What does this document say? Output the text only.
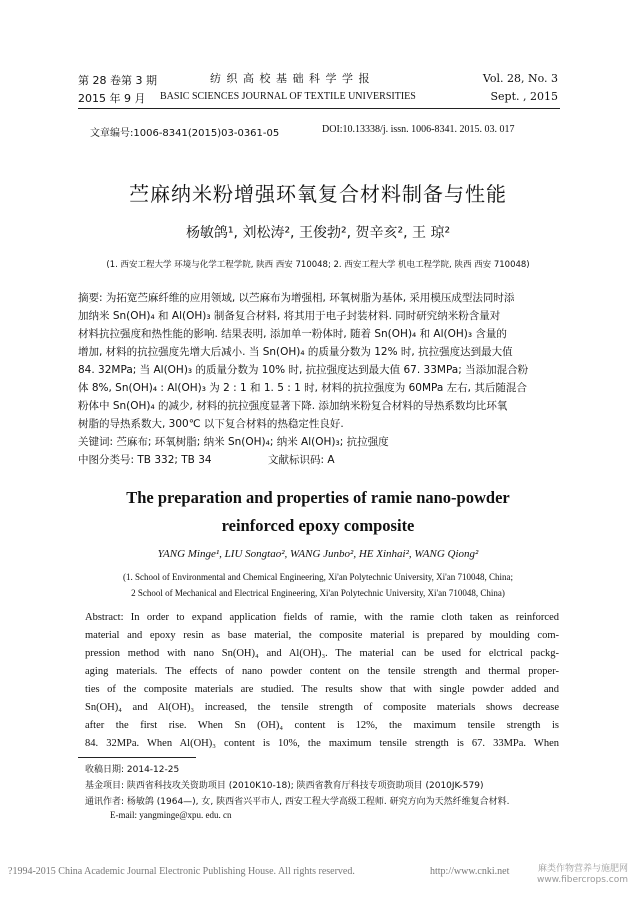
第 28 卷第 3 期
2015 年 9 月
纺 织 高 校 基 础 科 学 学 报
BASIC SCIENCES JOURNAL OF TEXTILE UNIVERSITIES
Vol. 28, No. 3
Sept. , 2015
文章编号:1006-8341(2015)03-0361-05	DOI:10.13338/j. issn. 1006-8341. 2015. 03. 017
苎麻纳米粉增强环氧复合材料制备与性能
杨敏鸽¹, 刘松涛², 王俊勃², 贺辛亥², 王 琼²
(1. 西安工程大学 环境与化学工程学院, 陕西 西安 710048; 2. 西安工程大学 机电工程学院, 陕西 西安 710048)
摘要: 为拓宽苎麻纤维的应用领域, 以苎麻布为增强相, 环氧树脂为基体, 采用模压成型法同时添
加纳米 Sn(OH)₄ 和 Al(OH)₃ 制备复合材料, 将其用于电子封装材料. 同时研究纳米粉含量对
材料抗拉强度和热性能的影响. 结果表明, 添加单一粉体时, 随着 Sn(OH)₄ 和 Al(OH)₃ 含量的
增加, 材料的抗拉强度先增大后减小. 当 Sn(OH)₄ 的质量分数为 12% 时, 抗拉强度达到最大值
84. 32MPa; 当 Al(OH)₃ 的质量分数为 10% 时, 抗拉强度达到最大值 67. 33MPa; 当添加混合粉
体 8%, Sn(OH)₄ : Al(OH)₃ 为 2 : 1 和 1. 5 : 1 时, 材料的抗拉强度为 60MPa 左右, 其后随混合
粉体中 Sn(OH)₄ 的减少, 材料的抗拉强度显著下降. 添加纳米粉复合材料的导热系数均比环氧
树脂的导热系数大, 300℃ 以下复合材料的热稳定性良好.
关键词: 苎麻布; 环氧树脂; 纳米 Sn(OH)₄; 纳米 Al(OH)₃; 抗拉强度
中图分类号: TB 332; TB 34	文献标识码: A
The preparation and properties of ramie nano-powder
reinforced epoxy composite
YANG Minge¹, LIU Songtao², WANG Junbo², HE Xinhai², WANG Qiong²
(1. School of Environmental and Chemical Engineering, Xi'an Polytechnic University, Xi'an 710048, China;
2 School of Mechanical and Electrical Engineering, Xi'an Polytechnic University, Xi'an 710048, China)
Abstract: In order to expand application fields of ramie, with the ramie cloth taken as reinforced
material and epoxy resin as base material, the composite material is prepared by moulding com-
pression method with nano Sn(OH)₄ and Al(OH)₃. The material can be used for elctrical packg-
aging materials. The effects of nano powder content on the tensile strength and thermal proper-
ties of the composite materials are studied. The results show that with single powder added and
Sn(OH)₄ and Al(OH)₃ increased, the tensile strength of composite materials shows decrease
after the first rise. When Sn (OH)₄ content is 12%, the maximum tensile strength is
84. 32MPa. When Al(OH)₃ content is 10%, the maximum tensile strength is 67. 33MPa. When
收稿日期: 2014-12-25
基金项目: 陕西省科技攻关资助项目 (2010K10-18); 陕西省教育厅科技专项资助项目 (2010JK-579)
通讯作者: 杨敏鸽 (1964—), 女, 陕西省兴平市人, 西安工程大学高级工程师. 研究方向为天然纤维复合材料.
E-mail: yangminge@xpu. edu. cn
?1994-2015 China Academic Journal Electronic Publishing House. All rights reserved.	http://www.cnki.net	麻类作物营养与施肥网 www.fibercrops.com
